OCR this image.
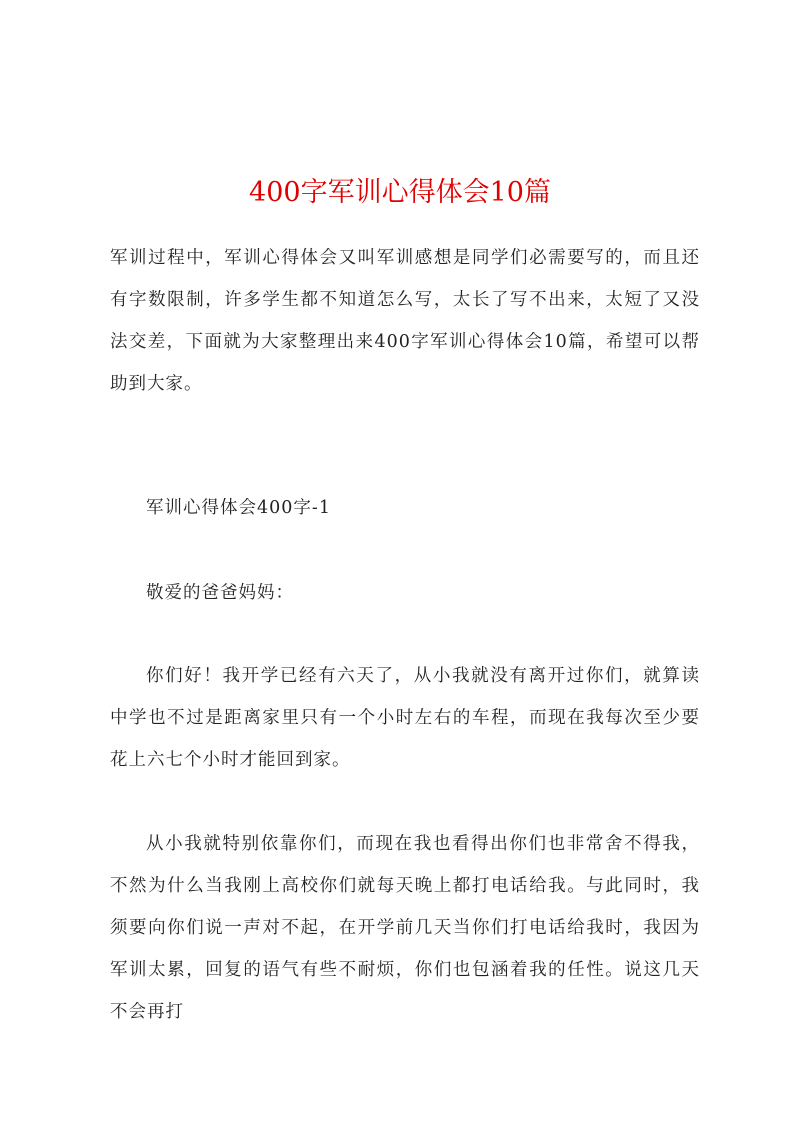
400字军训心得体会10篇

军训过程中，军训心得体会又叫军训感想是同学们必需要写的，而且还有字数限制，许多学生都不知道怎么写，太长了写不出来，太短了又没法交差，下面就为大家整理出来400字军训心得体会10篇，希望可以帮助到大家。

军训心得体会400字-1

敬爱的爸爸妈妈：

你们好！我开学已经有六天了，从小我就没有离开过你们，就算读中学也不过是距离家里只有一个小时左右的车程，而现在我每次至少要花上六七个小时才能回到家。

从小我就特别依靠你们，而现在我也看得出你们也非常舍不得我，不然为什么当我刚上高校你们就每天晚上都打电话给我。与此同时，我须要向你们说一声对不起，在开学前几天当你们打电话给我时，我因为军训太累，回复的语气有些不耐烦，你们也包涵着我的任性。说这几天不会再打
